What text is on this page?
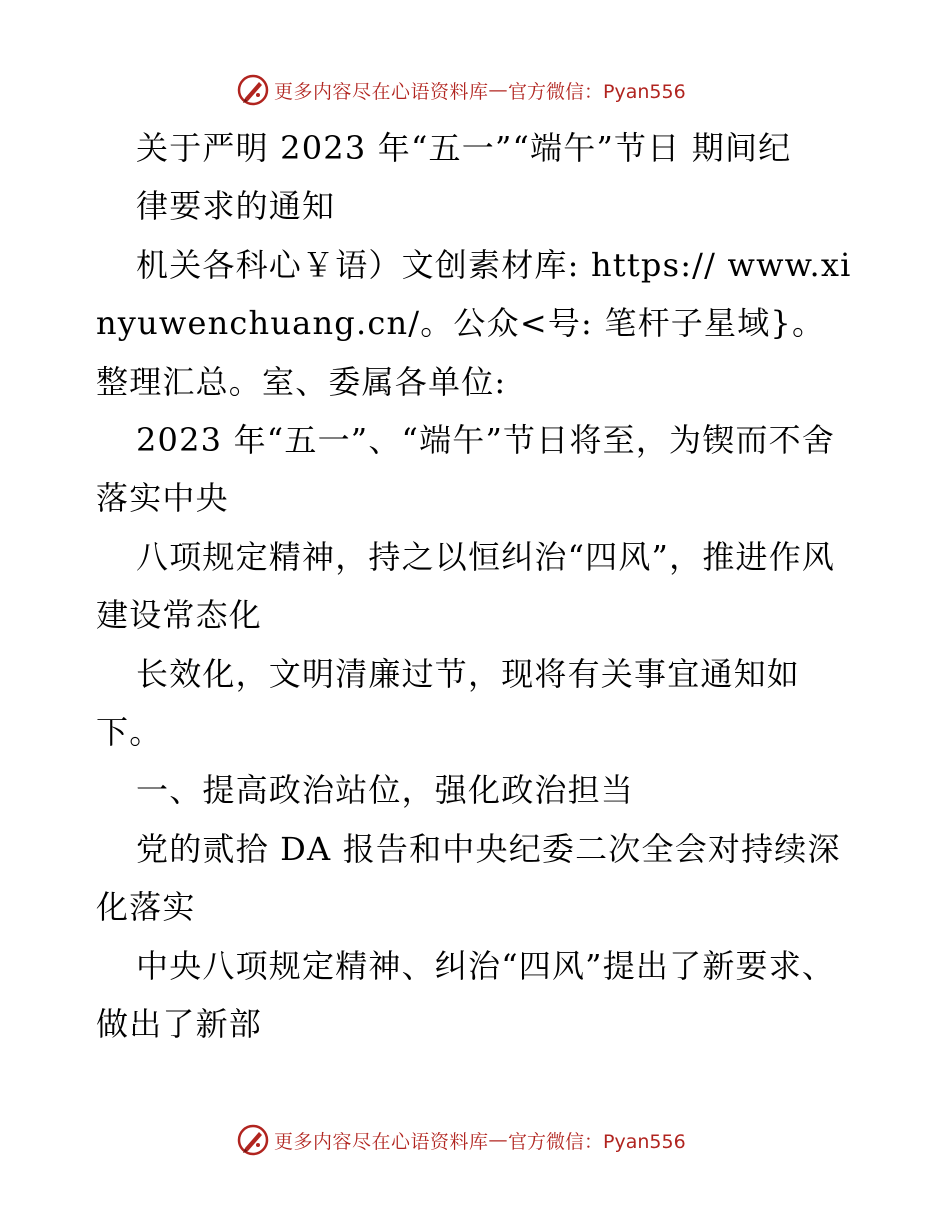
更多内容尽在心语资料库 — 官方微信：Pyan556

关于严明 2023 年“五一”“端午”节日 期间纪

律要求的通知

机关各科心￥语）文创素材库: https:// www.xinyuwenchuang.cn/。公众<号: 笔杆子星域}。整理汇总。室、委属各单位:

2023 年“五一”、“端午”节日将至，为锲而不舍落实中央

八项规定精神，持之以恒纠治“四风”，推进作风建设常态化

长效化，文明清廉过节，现将有关事宜通知如下。

一、提高政治站位，强化政治担当

党的贰拾 DA 报告和中央纪委二次全会对持续深化落实

中央八项规定精神、纠治“四风”提出了新要求、做出了新部

更多内容尽在心语资料库 — 官方微信：Pyan556
